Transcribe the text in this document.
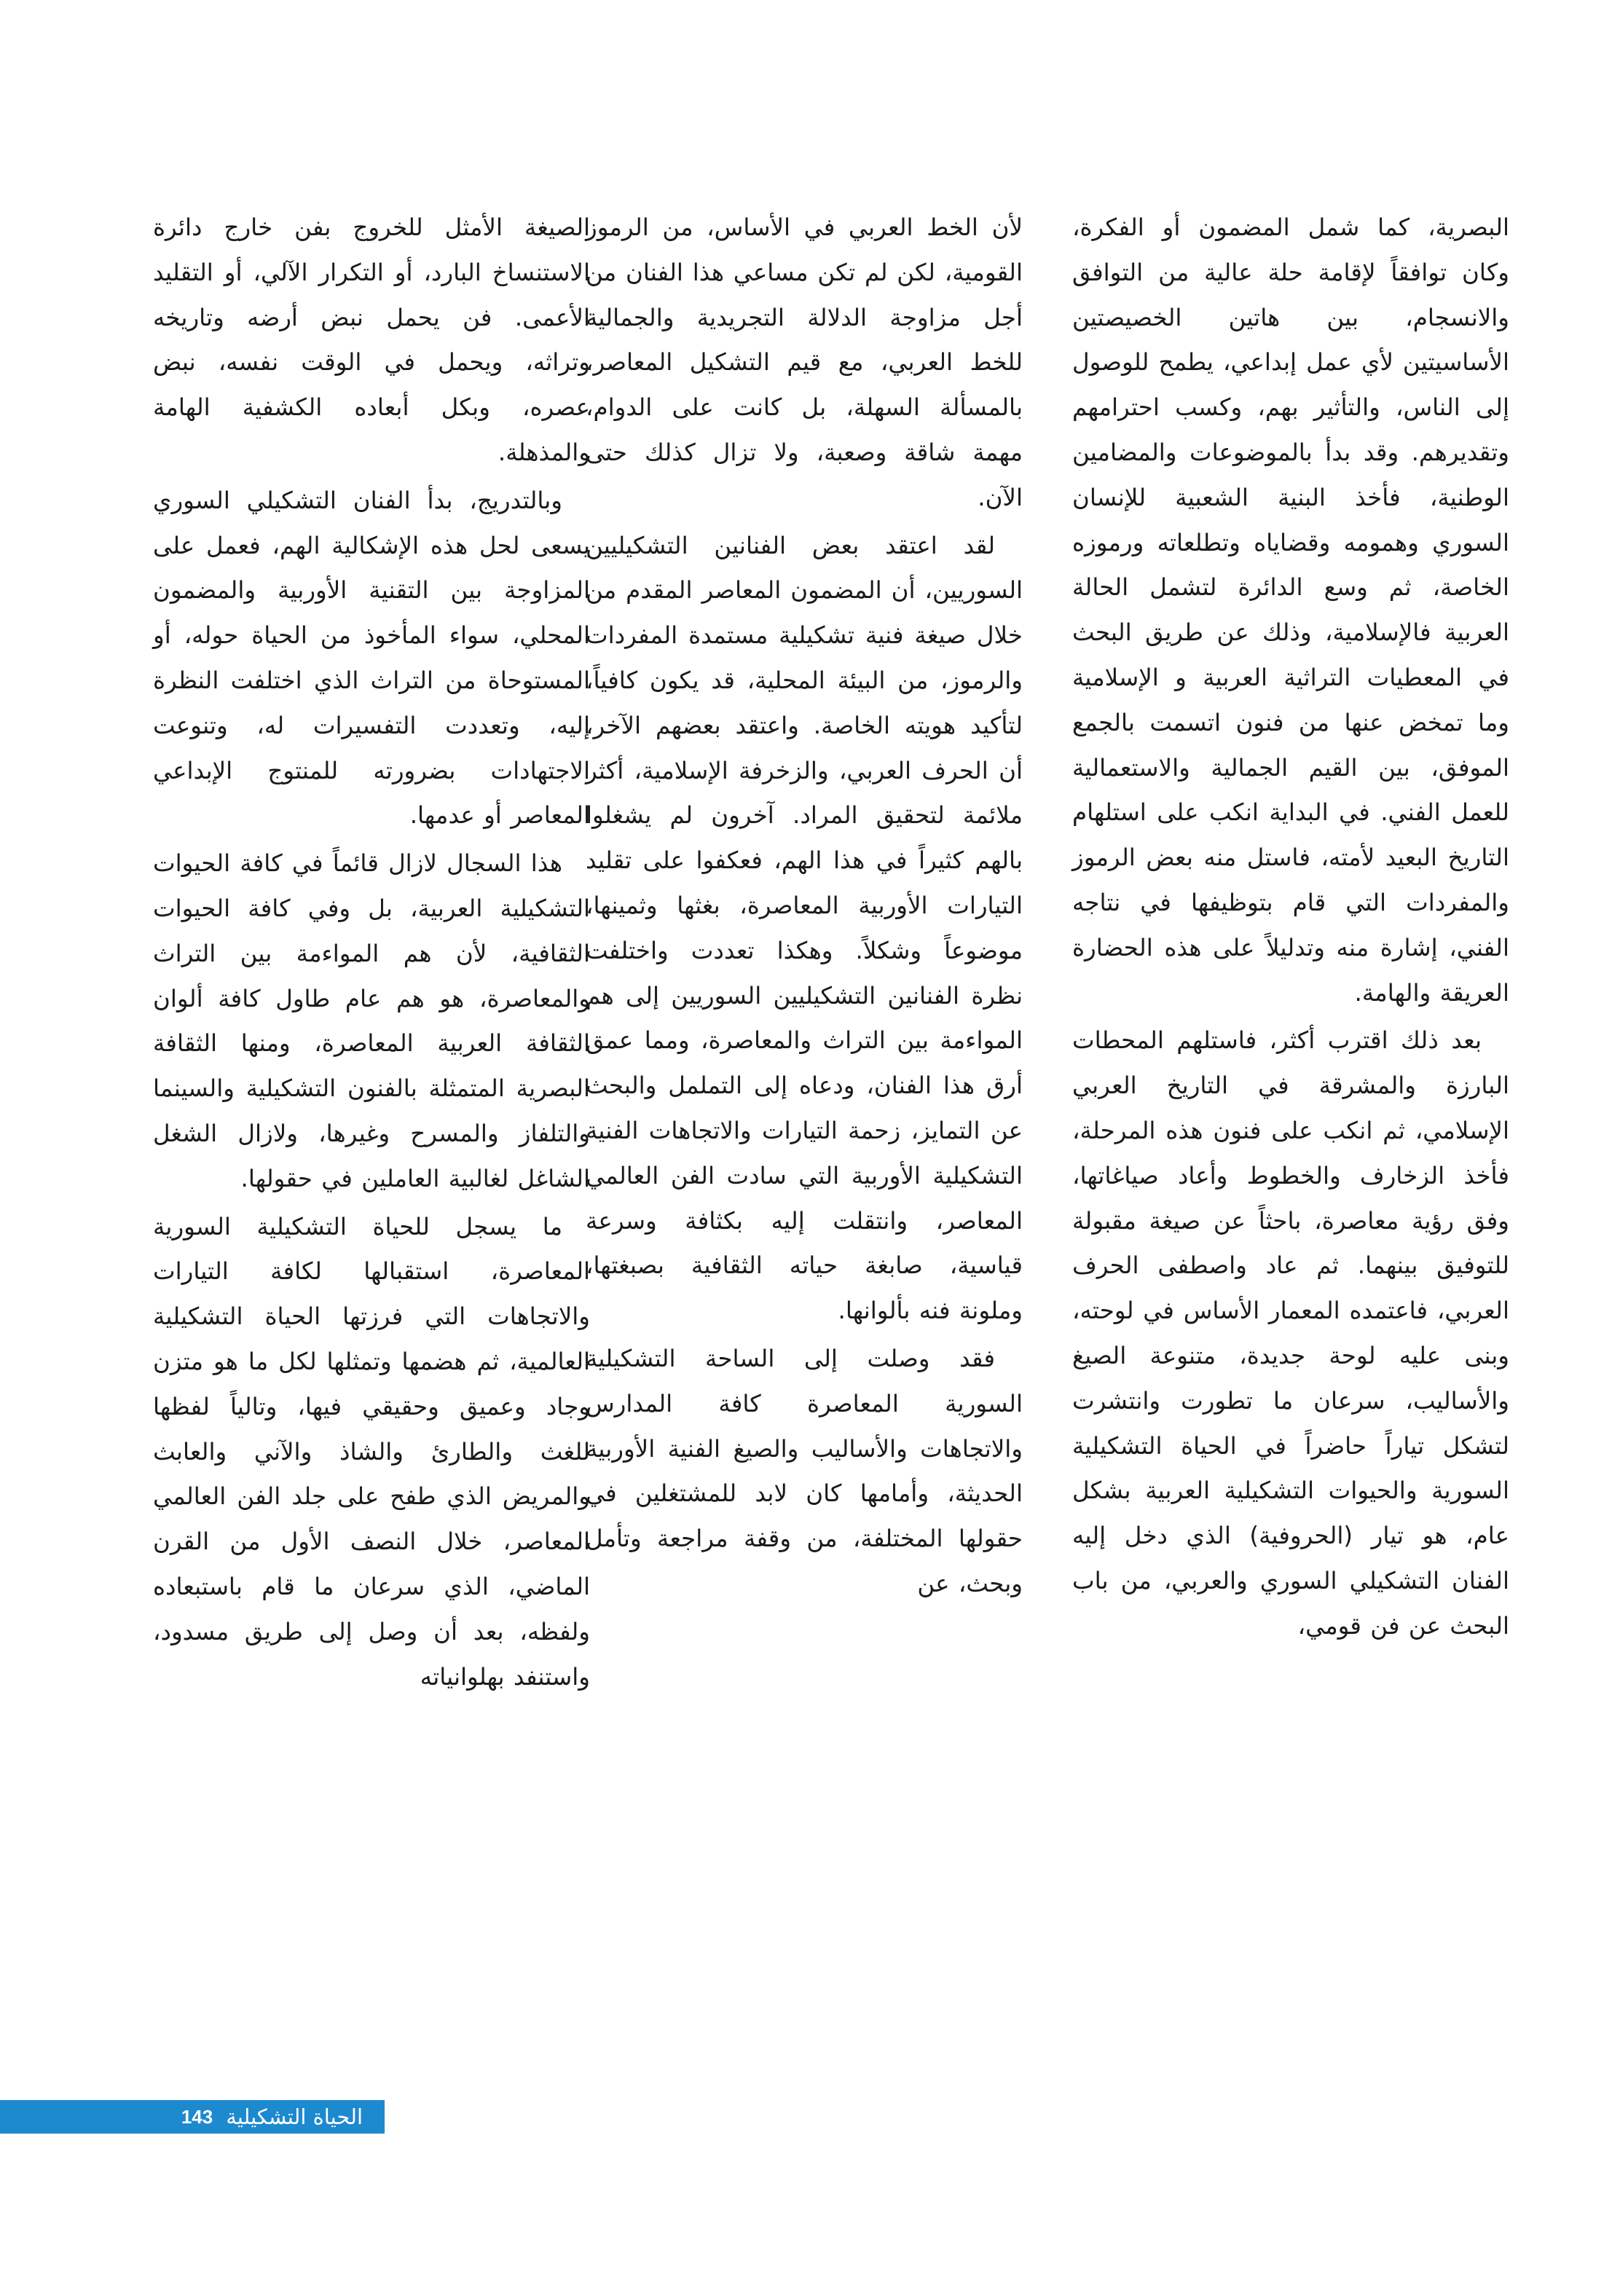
البصرية، كما شمل المضمون أو الفكرة، وكان توافقاً لإقامة حلة عالية من التوافق والانسجام، بين هاتين الخصيصتين الأساسيتين لأي عمل إبداعي، يطمح للوصول إلى الناس، والتأثير بهم، وكسب احترامهم وتقديرهم. وقد بدأ بالموضوعات والمضامين الوطنية، فأخذ البنية الشعبية للإنسان السوري وهمومه وقضاياه وتطلعاته ورموزه الخاصة، ثم وسع الدائرة لتشمل الحالة العربية فالإسلامية، وذلك عن طريق البحث في المعطيات التراثية العربية و الإسلامية وما تمخض عنها من فنون اتسمت بالجمع الموفق، بين القيم الجمالية والاستعمالية للعمل الفني. في البداية انكب على استلهام التاريخ البعيد لأمته، فاستل منه بعض الرموز والمفردات التي قام بتوظيفها في نتاجه الفني، إشارة منه وتدليلاً على هذه الحضارة العريقة والهامة.

بعد ذلك اقترب أكثر، فاستلهم المحطات البارزة والمشرقة في التاريخ العربي الإسلامي، ثم انكب على فنون هذه المرحلة، فأخذ الزخارف والخطوط وأعاد صياغاتها، وفق رؤية معاصرة، باحثاً عن صيغة مقبولة للتوفيق بينهما. ثم عاد واصطفى الحرف العربي، فاعتمده المعمار الأساس في لوحته، وبنى عليه لوحة جديدة، متنوعة الصيغ والأساليب، سرعان ما تطورت وانتشرت لتشكل تياراً حاضراً في الحياة التشكيلية السورية والحيوات التشكيلية العربية بشكل عام، هو تيار (الحروفية) الذي دخل إليه الفنان التشكيلي السوري والعربي، من باب البحث عن فن قومي،

لأن الخط العربي في الأساس، من الرموز القومية، لكن لم تكن مساعي هذا الفنان من أجل مزاوجة الدلالة التجريدية والجمالية للخط العربي، مع قيم التشكيل المعاصر، بالمسألة السهلة، بل كانت على الدوام، مهمة شاقة وصعبة، ولا تزال كذلك حتى الآن.

لقد اعتقد بعض الفنانين التشكيليين السوريين، أن المضمون المعاصر المقدم من خلال صيغة فنية تشكيلية مستمدة المفردات والرموز، من البيئة المحلية، قد يكون كافياً، لتأكيد هويته الخاصة. واعتقد بعضهم الآخر، أن الحرف العربي، والزخرفة الإسلامية، أكثر ملائمة لتحقيق المراد. آخرون لم يشغلوا بالهم كثيراً في هذا الهم، فعكفوا على تقليد التيارات الأوربية المعاصرة، بغثها وثمينها، موضوعاً وشكلاً. وهكذا تعددت واختلفت نظرة الفنانين التشكيليين السوريين إلى هم المواءمة بين التراث والمعاصرة، ومما عمق أرق هذا الفنان، ودعاه إلى التململ والبحث عن التمايز، زحمة التيارات والاتجاهات الفنية التشكيلية الأوربية التي سادت الفن العالمي المعاصر، وانتقلت إليه بكثافة وسرعة قياسية، صابغة حياته الثقافية بصبغتها، وملونة فنه بألوانها.

فقد وصلت إلى الساحة التشكيلية السورية المعاصرة كافة المدارس والاتجاهات والأساليب والصيغ الفنية الأوربية الحديثة، وأمامها كان لابد للمشتغلين في حقولها المختلفة، من وقفة مراجعة وتأمل وبحث، عن

الصيغة الأمثل للخروج بفن خارج دائرة الاستنساخ البارد، أو التكرار الآلي، أو التقليد الأعمى. فن يحمل نبض أرضه وتاريخه وتراثه، ويحمل في الوقت نفسه، نبض عصره، وبكل أبعاده الكشفية الهامة والمذهلة.

وبالتدريج، بدأ الفنان التشكيلي السوري يسعى لحل هذه الإشكالية الهم، فعمل على المزاوجة بين التقنية الأوربية والمضمون المحلي، سواء المأخوذ من الحياة حوله، أو المستوحاة من التراث الذي اختلفت النظرة إليه، وتعددت التفسيرات له، وتنوعت الاجتهادات بضرورته للمنتوج الإبداعي المعاصر أو عدمها.

هذا السجال لازال قائماً في كافة الحيوات التشكيلية العربية، بل وفي كافة الحيوات الثقافية، لأن هم المواءمة بين التراث والمعاصرة، هو هم عام طاول كافة ألوان الثقافة العربية المعاصرة، ومنها الثقافة البصرية المتمثلة بالفنون التشكيلية والسينما والتلفاز والمسرح وغيرها، ولازال الشغل الشاغل لغالبية العاملين في حقولها.

ما يسجل للحياة التشكيلية السورية المعاصرة، استقبالها لكافة التيارات والاتجاهات التي فرزتها الحياة التشكيلية العالمية، ثم هضمها وتمثلها لكل ما هو متزن وجاد وعميق وحقيقي فيها، وتالياً لفظها للغث والطارئ والشاذ والآني والعابث والمريض الذي طفح على جلد الفن العالمي المعاصر، خلال النصف الأول من القرن الماضي، الذي سرعان ما قام باستبعاده ولفظه، بعد أن وصل إلى طريق مسدود، واستنفد بهلوانياته

143 الحياة التشكيلية
